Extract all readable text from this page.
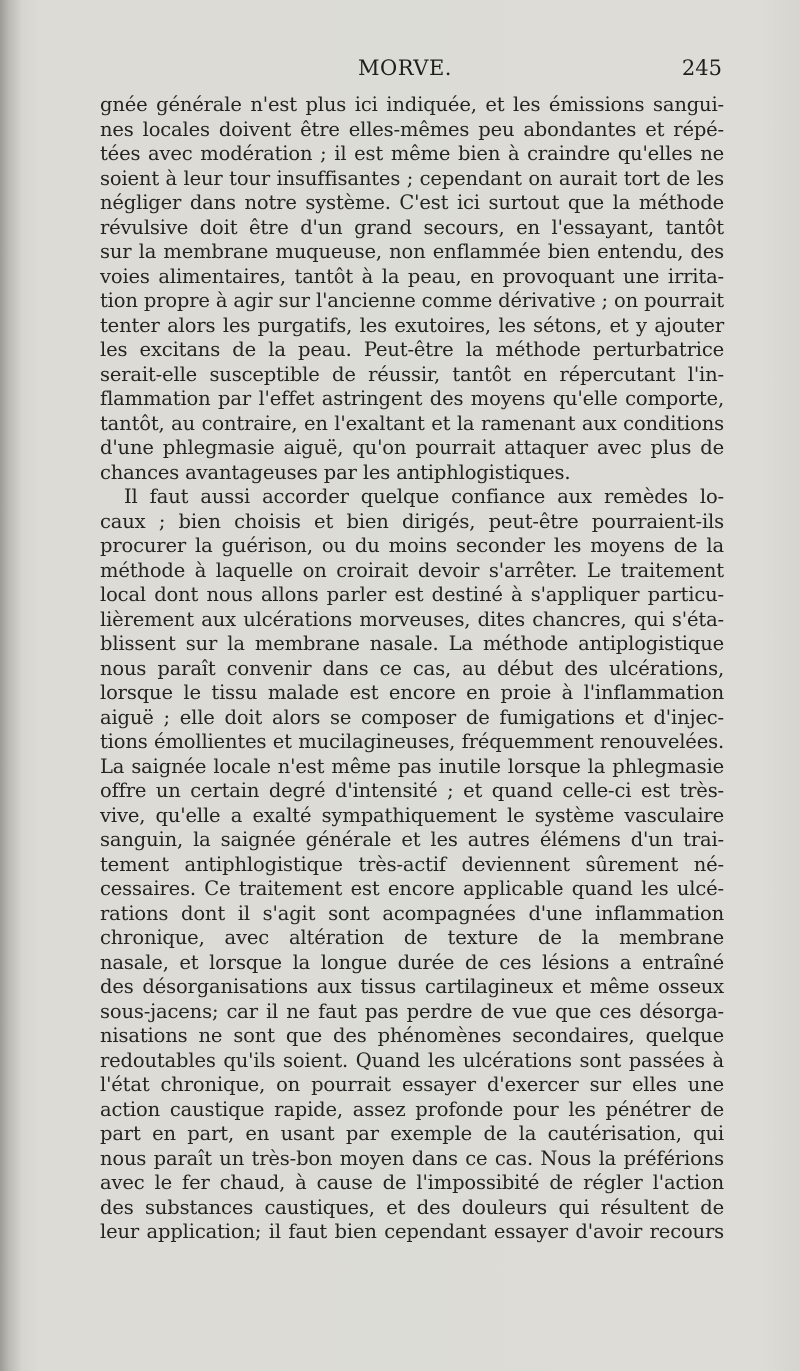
MORVE.	245
gnée générale n'est plus ici indiquée, et les émissions sangui-
nes locales doivent être elles-mêmes peu abondantes et répé-
tées avec modération ; il est même bien à craindre qu'elles ne
soient à leur tour insuffisantes ; cependant on aurait tort de les
négliger dans notre système. C'est ici surtout que la méthode
révulsive doit être d'un grand secours, en l'essayant, tantôt
sur la membrane muqueuse, non enflammée bien entendu, des
voies alimentaires, tantôt à la peau, en provoquant une irrita-
tion propre à agir sur l'ancienne comme dérivative ; on pourrait
tenter alors les purgatifs, les exutoires, les sétons, et y ajouter
les excitans de la peau. Peut-être la méthode perturbatrice
serait-elle susceptible de réussir, tantôt en répercutant l'in-
flammation par l'effet astringent des moyens qu'elle comporte,
tantôt, au contraire, en l'exaltant et la ramenant aux conditions
d'une phlegmasie aiguë, qu'on pourrait attaquer avec plus de
chances avantageuses par les antiphlogistiques.
Il faut aussi accorder quelque confiance aux remèdes lo-
caux ; bien choisis et bien dirigés, peut-être pourraient-ils
procurer la guérison, ou du moins seconder les moyens de la
méthode à laquelle on croirait devoir s'arrêter. Le traitement
local dont nous allons parler est destiné à s'appliquer particu-
lièrement aux ulcérations morveuses, dites chancres, qui s'éta-
blissent sur la membrane nasale. La méthode antiplogistique
nous paraît convenir dans ce cas, au début des ulcérations,
lorsque le tissu malade est encore en proie à l'inflammation
aiguë ; elle doit alors se composer de fumigations et d'injec-
tions émollientes et mucilagineuses, fréquemment renouvelées.
La saignée locale n'est même pas inutile lorsque la phlegmasie
offre un certain degré d'intensité ; et quand celle-ci est très-
vive, qu'elle a exalté sympathiquement le système vasculaire
sanguin, la saignée générale et les autres élémens d'un trai-
tement antiphlogistique très-actif deviennent sûrement né-
cessaires. Ce traitement est encore applicable quand les ulcé-
rations dont il s'agit sont acompagnées d'une inflammation
chronique, avec altération de texture de la membrane
nasale, et lorsque la longue durée de ces lésions a entraîné
des désorganisations aux tissus cartilagineux et même osseux
sous-jacens; car il ne faut pas perdre de vue que ces désorga-
nisations ne sont que des phénomènes secondaires, quelque
redoutables qu'ils soient. Quand les ulcérations sont passées à
l'état chronique, on pourrait essayer d'exercer sur elles une
action caustique rapide, assez profonde pour les pénétrer de
part en part, en usant par exemple de la cautérisation, qui
nous paraît un très-bon moyen dans ce cas. Nous la préférions
avec le fer chaud, à cause de l'impossibité de régler l'action
des substances caustiques, et des douleurs qui résultent de
leur application; il faut bien cependant essayer d'avoir recours
